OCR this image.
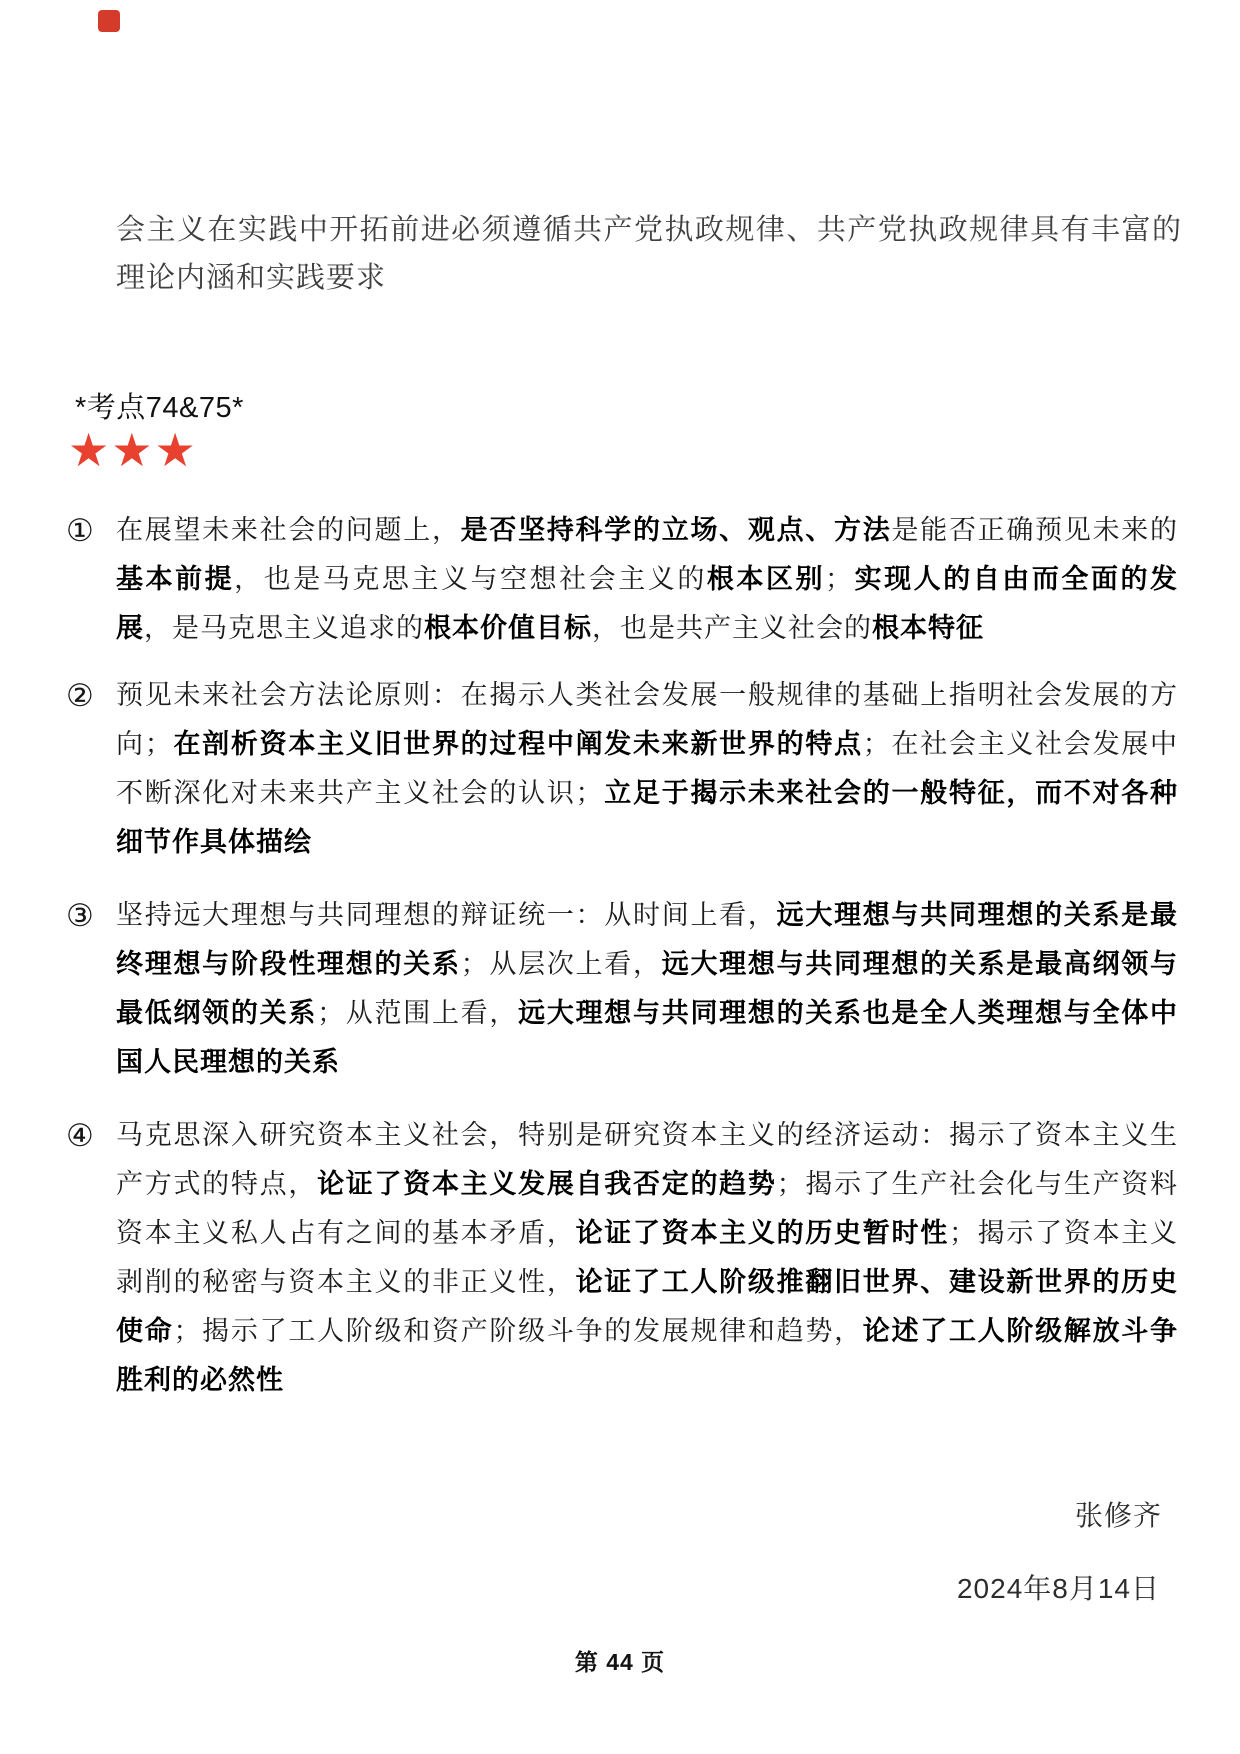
会主义在实践中开拓前进必须遵循共产党执政规律、共产党执政规律具有丰富的理论内涵和实践要求
*考点74&75*
★★★
① 在展望未来社会的问题上，是否坚持科学的立场、观点、方法是能否正确预见未来的基本前提，也是马克思主义与空想社会主义的根本区别；实现人的自由而全面的发展，是马克思主义追求的根本价值目标，也是共产主义社会的根本特征
② 预见未来社会方法论原则：在揭示人类社会发展一般规律的基础上指明社会发展的方向；在剖析资本主义旧世界的过程中阐发未来新世界的特点；在社会主义社会发展中不断深化对未来共产主义社会的认识；立足于揭示未来社会的一般特征，而不对各种细节作具体描绘
③ 坚持远大理想与共同理想的辩证统一：从时间上看，远大理想与共同理想的关系是最终理想与阶段性理想的关系；从层次上看，远大理想与共同理想的关系是最高纲领与最低纲领的关系；从范围上看，远大理想与共同理想的关系也是全人类理想与全体中国人民理想的关系
④ 马克思深入研究资本主义社会，特别是研究资本主义的经济运动：揭示了资本主义生产方式的特点，论证了资本主义发展自我否定的趋势；揭示了生产社会化与生产资料资本主义私人占有之间的基本矛盾，论证了资本主义的历史暂时性；揭示了资本主义剥削的秘密与资本主义的非正义性，论证了工人阶级推翻旧世界、建设新世界的历史使命；揭示了工人阶级和资产阶级斗争的发展规律和趋势，论述了工人阶级解放斗争胜利的必然性
张修齐
2024年8月14日
第 44 页
